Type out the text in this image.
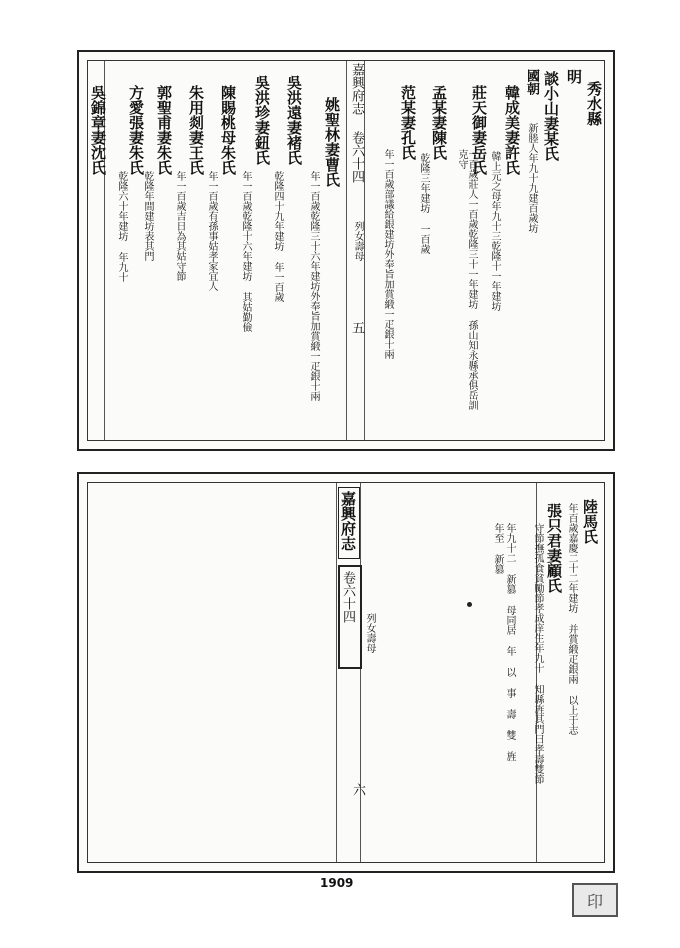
嘉興府志
卷六十四
列女壽母
五
秀水縣
明
談小山妻某氏
新塍人年九十九建百歲坊
國朝
韓成美妻許氏
韓上元之母年九十三乾隆十一年建坊
莊天御妻岳氏
一百歲莊人一百歲乾隆三十一年建坊 孫山知永縣承俱岳訓克守
孟某妻陳氏
乾隆三年建坊 一百歲
范某妻孔氏
年一百歲部議給銀建坊外奉旨加賞緞一疋銀十兩
姚聖林妻曹氏
年一百歲乾隆三十六年建坊外奉旨加賞緞一疋銀十兩
吳洪遠妻褚氏
乾隆四十九年建坊 年一百歲
吳洪珍妻鈕氏
年一百歲乾隆十六年建坊 其姑勤儉
陳賜桃母朱氏
年一百歲有孫事姑孝家宜人
朱用剡妻王氏
年一百歲吉日為其姑守節
郭聖甫妻朱氏
乾隆年間建坊表其門
方愛張妻朱氏
乾隆六十年建坊 年九十
吳錦章妻沈氏
嘉興府志
卷六十四
列女壽母
六
陸馬氏
年百歲嘉慶二十二年建坊 并賞緞疋銀兩 以上于志
張只君妻顧氏
守節撫孤食貧勵節孝成庠生年九十 知縣旌其門曰孝壽雙節
年九十二 新篡 母同居 年 以 事 壽 雙 旌
年至 新篡
1909
印
